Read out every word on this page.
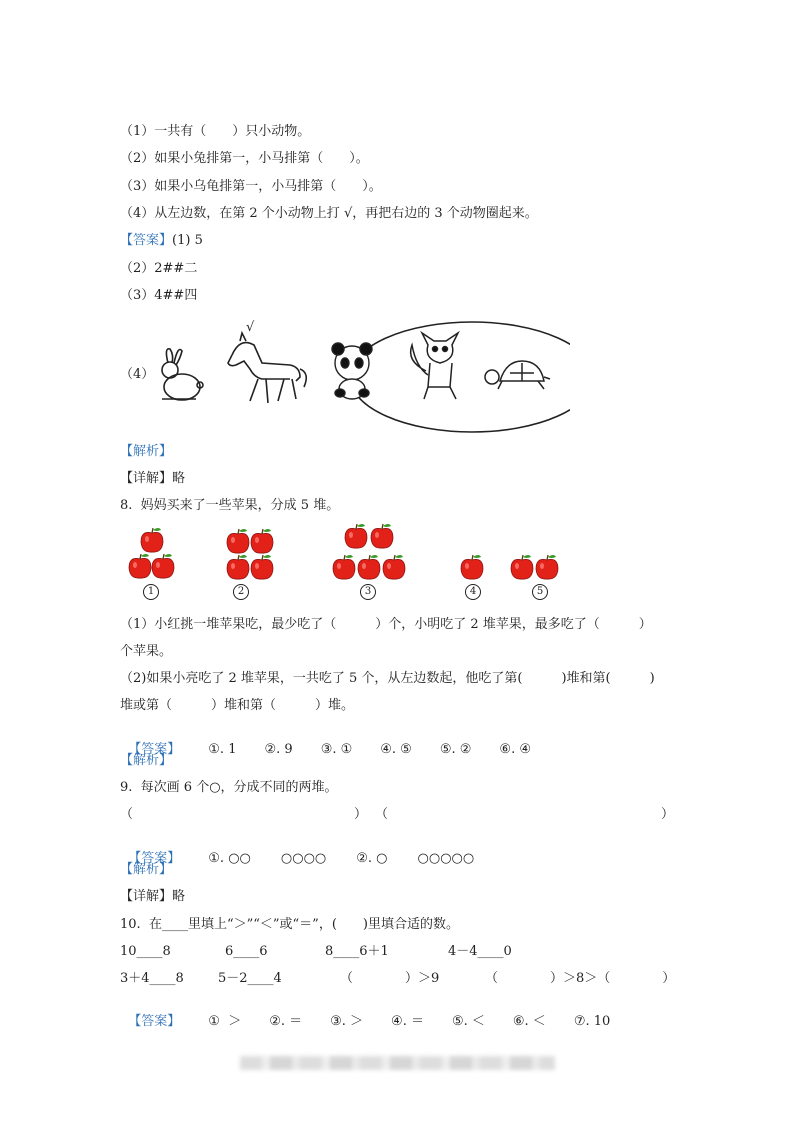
（1）一共有（　　）只小动物。
（2）如果小兔排第一，小马排第（　　）。
（3）如果小乌龟排第一，小马排第（　　）。
（4）从左边数，在第 2 个小动物上打 √，再把右边的 3 个动物圈起来。
【答案】(1) 5
（2）2##二
（3）4##四
（4）
√
【解析】
【详解】略
8.  妈妈买来了一些苹果，分成 5 堆。
1	2	3	4	5
（1）小红挑一堆苹果吃，最少吃了（　　　）个，小明吃了 2 堆苹果，最多吃了（　　　）
个苹果。
（2)如果小亮吃了 2 堆苹果，一共吃了 5 个，从左边数起，他吃了第(　　　)堆和第(　　　)
堆或第（　　　）堆和第（　　　）堆。

【答案】 ①. 1 ②. 9 ③. ① ④. ⑤ ⑤. ② ⑥. ④

【解析】
9.  每次画 6 个○，分成不同的两堆。
（　　　　　　　　　　　　　　　　　） （　　　　　　　　　　　　　　　　　　　　　）

【答案】 ①. ○○ ○○○○ ②. ○ ○○○○○

【解析】
【详解】略
10.  在____里填上“＞”“＜”或“＝”，(　　)里填合适的数。
10____8	6____6	8____6＋1	4－4____0
3＋4____8	5－2____4	（　　　　）＞9	（　　　　）＞8＞（　　　　）

【答案】 ①  ＞ ②. ＝ ③. ＞ ④. ＝ ⑤. ＜ ⑥. ＜ ⑦. 10
